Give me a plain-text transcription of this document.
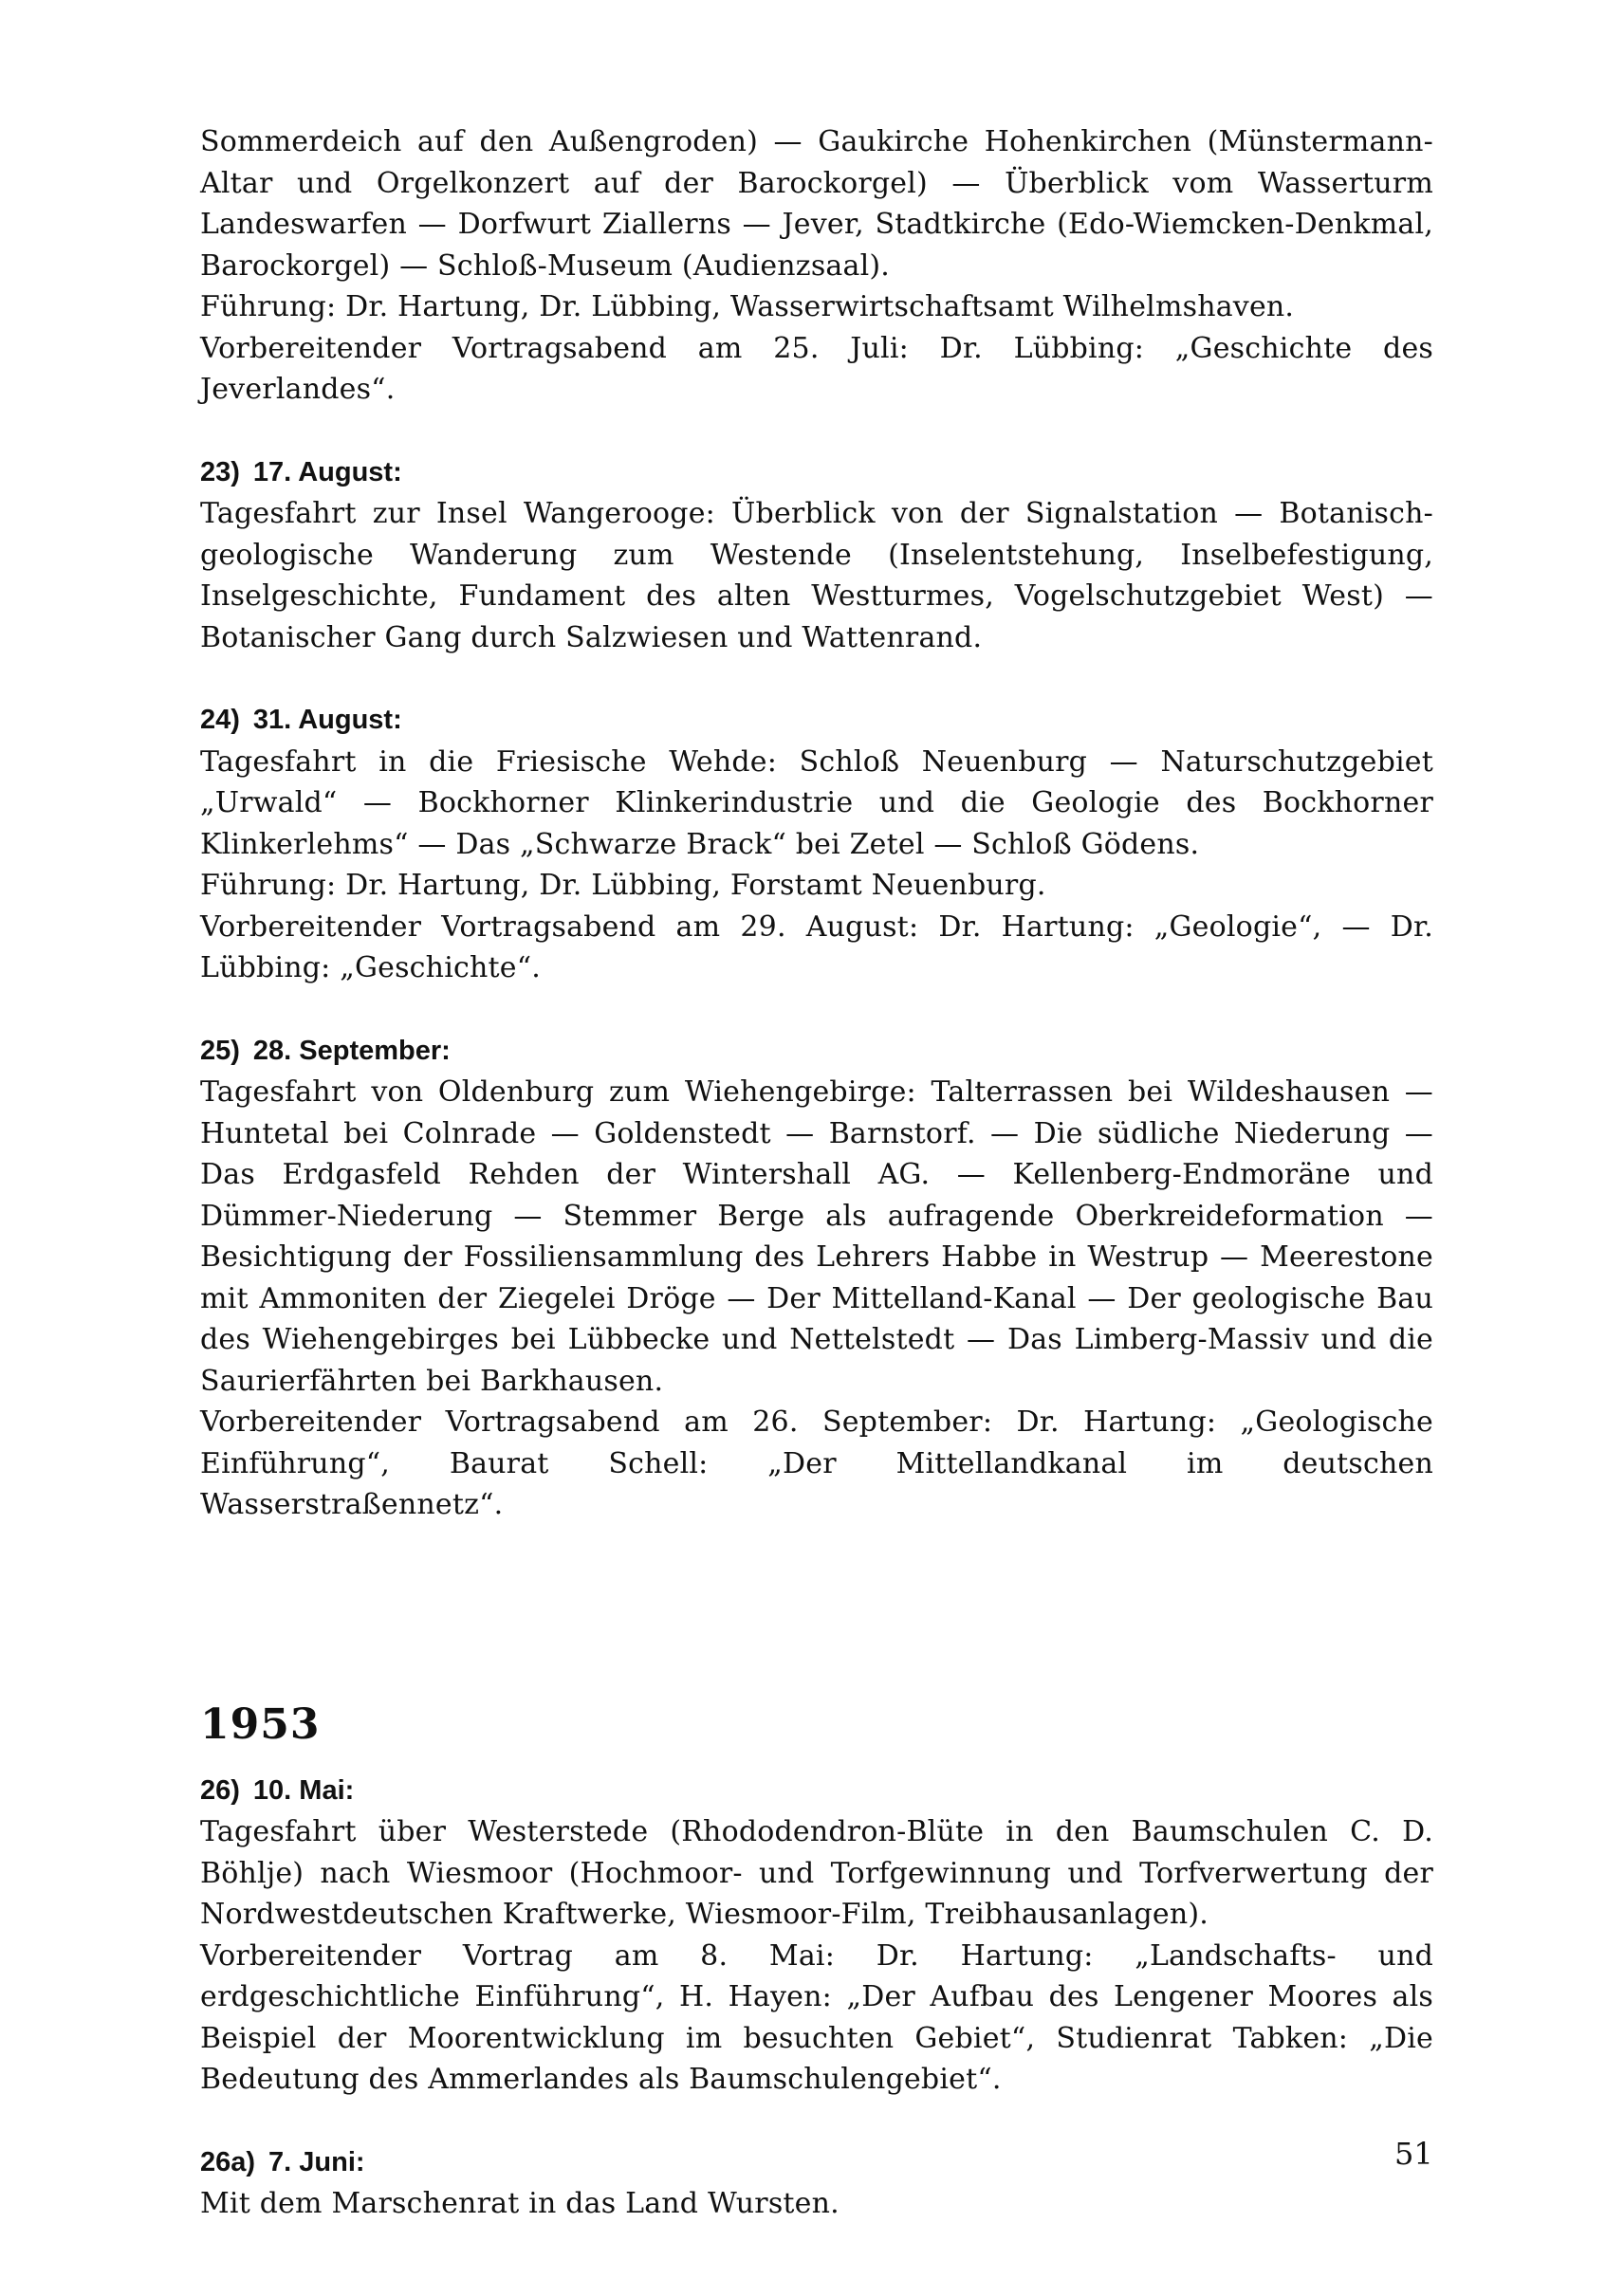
Sommerdeich auf den Außengroden) — Gaukirche Hohenkirchen (Münstermann-Altar und Orgelkonzert auf der Barockorgel) — Überblick vom Wasserturm Landeswarfen — Dorfwurt Ziallerns — Jever, Stadtkirche (Edo-Wiemcken-Denkmal, Barockorgel) — Schloß-Museum (Audienzsaal).

Führung: Dr. Hartung, Dr. Lübbing, Wasserwirtschaftsamt Wilhelmshaven.

Vorbereitender Vortragsabend am 25. Juli: Dr. Lübbing: „Geschichte des Jeverlandes“.

23) 17. August:

Tagesfahrt zur Insel Wangerooge: Überblick von der Signalstation — Botanisch-geologische Wanderung zum Westende (Inselentstehung, Inselbefestigung, Inselgeschichte, Fundament des alten Westturmes, Vogelschutzgebiet West) — Botanischer Gang durch Salzwiesen und Wattenrand.

24) 31. August:

Tagesfahrt in die Friesische Wehde: Schloß Neuenburg — Naturschutzgebiet „Urwald“ — Bockhorner Klinkerindustrie und die Geologie des Bockhorner Klinkerlehms“ — Das „Schwarze Brack“ bei Zetel — Schloß Gödens.

Führung: Dr. Hartung, Dr. Lübbing, Forstamt Neuenburg.

Vorbereitender Vortragsabend am 29. August: Dr. Hartung: „Geologie“, — Dr. Lübbing: „Geschichte“.

25) 28. September:

Tagesfahrt von Oldenburg zum Wiehengebirge: Talterrassen bei Wildeshausen — Huntetal bei Colnrade — Goldenstedt — Barnstorf. — Die südliche Niederung — Das Erdgasfeld Rehden der Wintershall AG. — Kellenberg-Endmoräne und Dümmer-Niederung — Stemmer Berge als aufragende Oberkreideformation — Besichtigung der Fossiliensammlung des Lehrers Habbe in Westrup — Meerestone mit Ammoniten der Ziegelei Dröge — Der Mittelland-Kanal — Der geologische Bau des Wiehengebirges bei Lübbecke und Nettelstedt — Das Limberg-Massiv und die Saurierfährten bei Barkhausen.

Vorbereitender Vortragsabend am 26. September: Dr. Hartung: „Geologische Einführung“, Baurat Schell: „Der Mittellandkanal im deutschen Wasserstraßennetz“.

1953
26) 10. Mai:

Tagesfahrt über Westerstede (Rhododendron-Blüte in den Baumschulen C. D. Böhlje) nach Wiesmoor (Hochmoor- und Torfgewinnung und Torfverwertung der Nordwestdeutschen Kraftwerke, Wiesmoor-Film, Treibhausanlagen).

Vorbereitender Vortrag am 8. Mai: Dr. Hartung: „Landschafts- und erdgeschichtliche Einführung“, H. Hayen: „Der Aufbau des Lengener Moores als Beispiel der Moorentwicklung im besuchten Gebiet“, Studienrat Tabken: „Die Bedeutung des Ammerlandes als Baumschulengebiet“.

26a) 7. Juni:

Mit dem Marschenrat in das Land Wursten.

51
